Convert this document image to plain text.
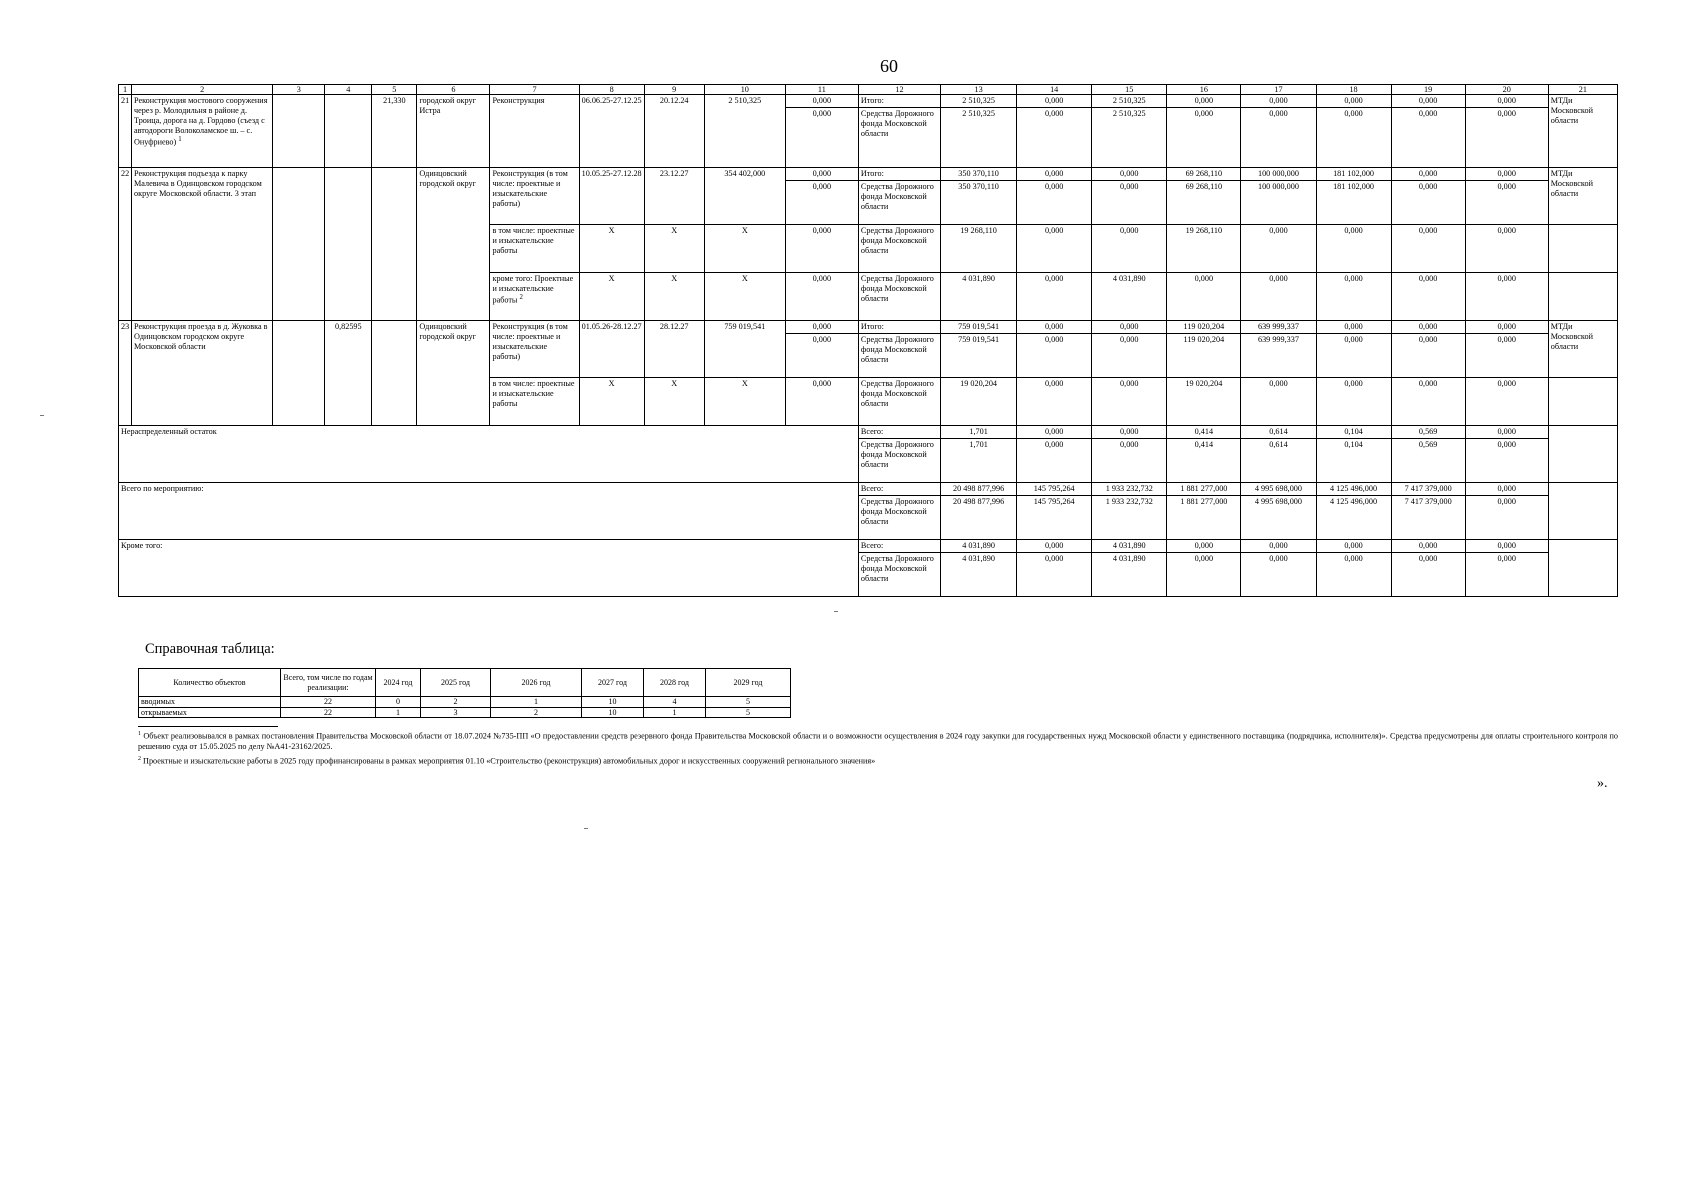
60
1	2	3	4	5	6	7	8	9	10	11	12	13	14	15	16	17	18	19	20	21
21	Реконструкция мостового сооружения через р. Молодильня в районе д. Троица, дорога на д. Гордово (съезд с автодороги Волоколамское ш. – с. Онуфриево) $^1$			21,330	городской округ Истра	Реконструкция	06.06.25-27.12.25	20.12.24	2 510,325	0,000	Итого:	2 510,325	0,000	2 510,325	0,000	0,000	0,000	0,000	0,000	МТДи Московской области
										0,000	Средства Дорожного фонда Московской области	2 510,325	0,000	2 510,325	0,000	0,000	0,000	0,000	0,000	
22	Реконструкция подъезда к парку Малевича в Одинцовском городском округе Московской области. 3 этап				Одинцовский городской округ	Реконструкция (в том числе: проектные и изыскательские работы)	10.05.25-27.12.28	23.12.27	354 402,000	0,000	Итого:	350 370,110	0,000	0,000	69 268,110	100 000,000	181 102,000	0,000	0,000	МТДи Московской области
										0,000	Средства Дорожного фонда Московской области	350 370,110	0,000	0,000	69 268,110	100 000,000	181 102,000	0,000	0,000	
						в том числе: проектные и изыскательские работы	X	X	X	0,000	Средства Дорожного фонда Московской области	19 268,110	0,000	0,000	19 268,110	0,000	0,000	0,000	0,000	
						кроме того: Проектные и изыскательские работы $^2$	X	X	X	0,000	Средства Дорожного фонда Московской области	4 031,890	0,000	4 031,890	0,000	0,000	0,000	0,000	0,000	
23	Реконструкция проезда в д. Жуковка в Одинцовском городском округе Московской области		0,82595		Одинцовский городской округ	Реконструкция (в том числе: проектные и изыскательские работы)	01.05.26-28.12.27	28.12.27	759 019,541	0,000	Итого:	759 019,541	0,000	0,000	119 020,204	639 999,337	0,000	0,000	0,000	МТДи Московской области
										0,000	Средства Дорожного фонда Московской области	759 019,541	0,000	0,000	119 020,204	639 999,337	0,000	0,000	0,000	
						в том числе: проектные и изыскательские работы	X	X	X	0,000	Средства Дорожного фонда Московской области	19 020,204	0,000	0,000	19 020,204	0,000	0,000	0,000	0,000	
Нераспределенный остаток											Всего:	1,701	0,000	0,000	0,414	0,614	0,104	0,569	0,000	
											Средства Дорожного фонда Московской области	1,701	0,000	0,000	0,414	0,614	0,104	0,569	0,000	
Всего по мероприятию:											Всего:	20 498 877,996	145 795,264	1 933 232,732	1 881 277,000	4 995 698,000	4 125 496,000	7 417 379,000	0,000	
											Средства Дорожного фонда Московской области	20 498 877,996	145 795,264	1 933 232,732	1 881 277,000	4 995 698,000	4 125 496,000	7 417 379,000	0,000	
Кроме того:											Всего:	4 031,890	0,000	4 031,890	0,000	0,000	0,000	0,000	0,000	
											Средства Дорожного фонда Московской области	4 031,890	0,000	4 031,890	0,000	0,000	0,000	0,000	0,000	
Справочная таблица:
Количество объектов	Всего, том числе по годам реализации:	2024 год	2025 год	2026 год	2027 год	2028 год	2029 год
вводимых	22	0	2	1	10	4	5
открываемых	22	1	3	2	10	1	5
$^1$ Объект реализовывался в рамках постановления Правительства Московской области от 18.07.2024 №735-ПП «О предоставлении средств резервного фонда Правительства Московской области и о возможности осуществления в 2024 году закупки для государственных нужд Московской области у единственного поставщика (подрядчика, исполнителя)». Средства предусмотрены для оплаты строительного контроля по решению суда от 15.05.2025 по делу №А41-23162/2025.
$^2$ Проектные и изыскательские работы в 2025 году профинансированы в рамках мероприятия 01.10 «Строительство (реконструкция) автомобильных дорог и искусственных сооружений регионального значения»
».
